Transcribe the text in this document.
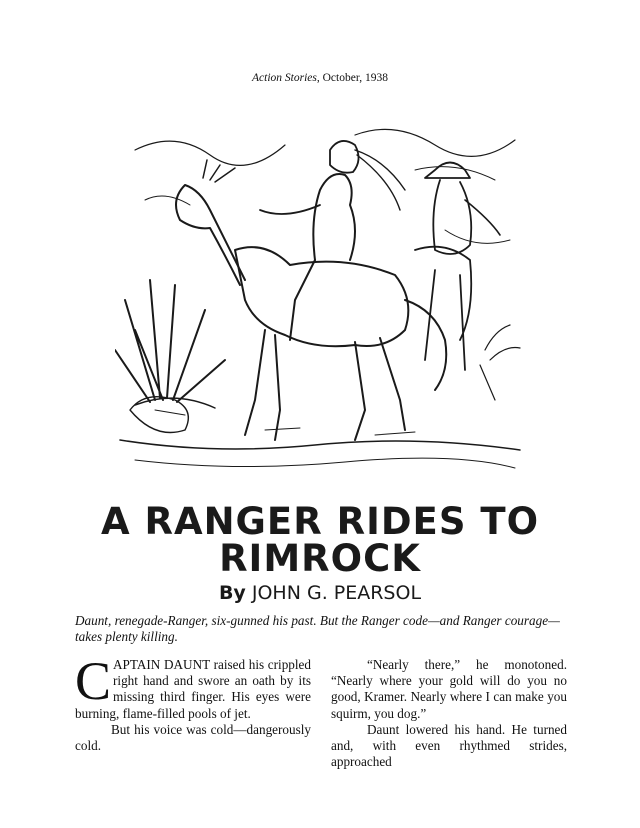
Action Stories, October, 1938
A RANGER RIDES TO
RIMROCK
By JOHN G. PEARSOL
Daunt, renegade-Ranger, six-gunned his past. But the Ranger code—and Ranger courage—takes plenty killing.

CAPTAIN DAUNT raised his crippled right hand and swore an oath by its missing third finger. His eyes were burning, flame-filled pools of jet.

But his voice was cold—dangerously cold.

“Nearly there,” he monotoned. “Nearly where your gold will do you no good, Kramer. Nearly where I can make you squirm, you dog.”

Daunt lowered his hand. He turned and, with even rhythmed strides, approached
